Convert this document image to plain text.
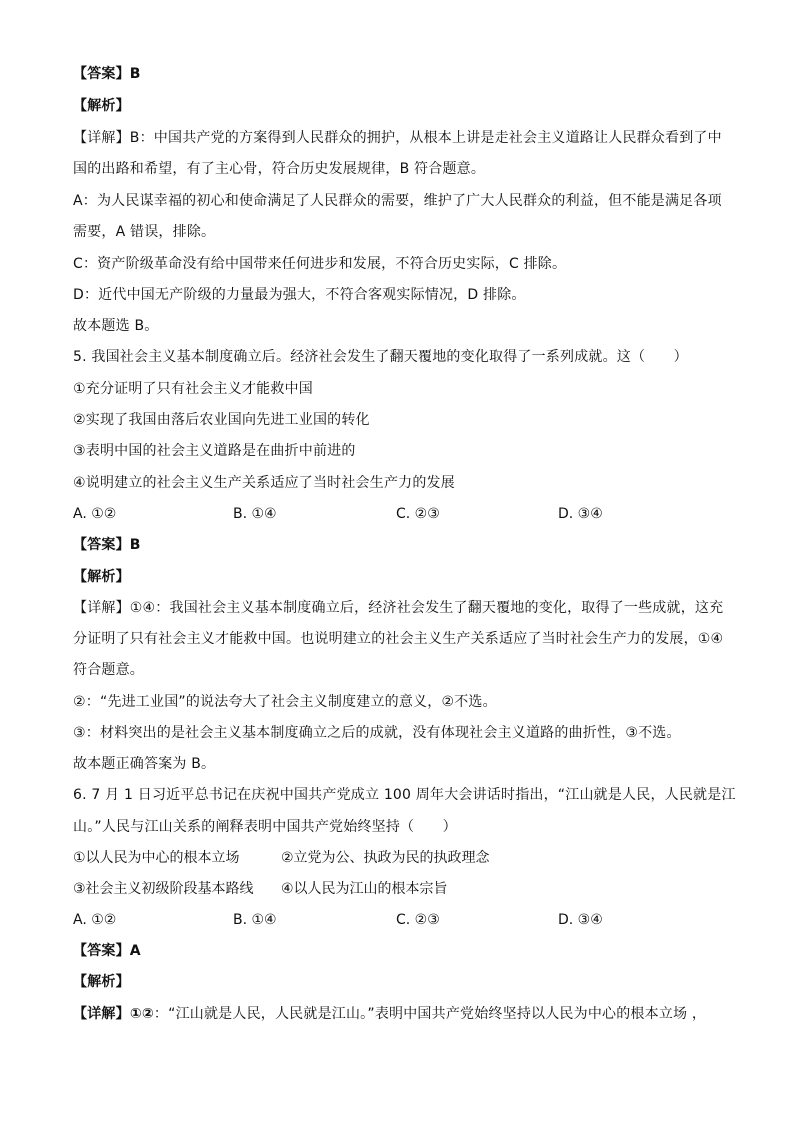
【答案】B
【解析】
【详解】B：中国共产党的方案得到人民群众的拥护，从根本上讲是走社会主义道路让人民群众看到了中
国的出路和希望，有了主心骨，符合历史发展规律，B 符合题意。
A：为人民谋幸福的初心和使命满足了人民群众的需要，维护了广大人民群众的利益，但不能是满足各项
需要，A 错误，排除。
C：资产阶级革命没有给中国带来任何进步和发展，不符合历史实际，C 排除。
D：近代中国无产阶级的力量最为强大，不符合客观实际情况，D 排除。
故本题选 B。
5. 我国社会主义基本制度确立后。经济社会发生了翻天覆地的变化取得了一系列成就。这（　　）
①充分证明了只有社会主义才能救中国
②实现了我国由落后农业国向先进工业国的转化
③表明中国的社会主义道路是在曲折中前进的
④说明建立的社会主义生产关系适应了当时社会生产力的发展
A. ①②	B. ①④	C. ②③	D. ③④
【答案】B
【解析】
【详解】①④：我国社会主义基本制度确立后，经济社会发生了翻天覆地的变化，取得了一些成就，这充
分证明了只有社会主义才能救中国。也说明建立的社会主义生产关系适应了当时社会生产力的发展，①④
符合题意。
②：“先进工业国”的说法夸大了社会主义制度建立的意义，②不选。
③：材料突出的是社会主义基本制度确立之后的成就，没有体现社会主义道路的曲折性，③不选。
故本题正确答案为 B。
6. 7 月 1 日习近平总书记在庆祝中国共产党成立 100 周年大会讲话时指出，“江山就是人民，人民就是江
山。”人民与江山关系的阐释表明中国共产党始终坚持（　　）
①以人民为中心的根本立场	②立党为公、执政为民的执政理念
③社会主义初级阶段基本路线 ④以人民为江山的根本宗旨
A. ①②	B. ①④	C. ②③	D. ③④
【答案】A
【解析】
【详解】①②：“江山就是人民，人民就是江山。”表明中国共产党始终坚持以人民为中心的根本立场 ，
